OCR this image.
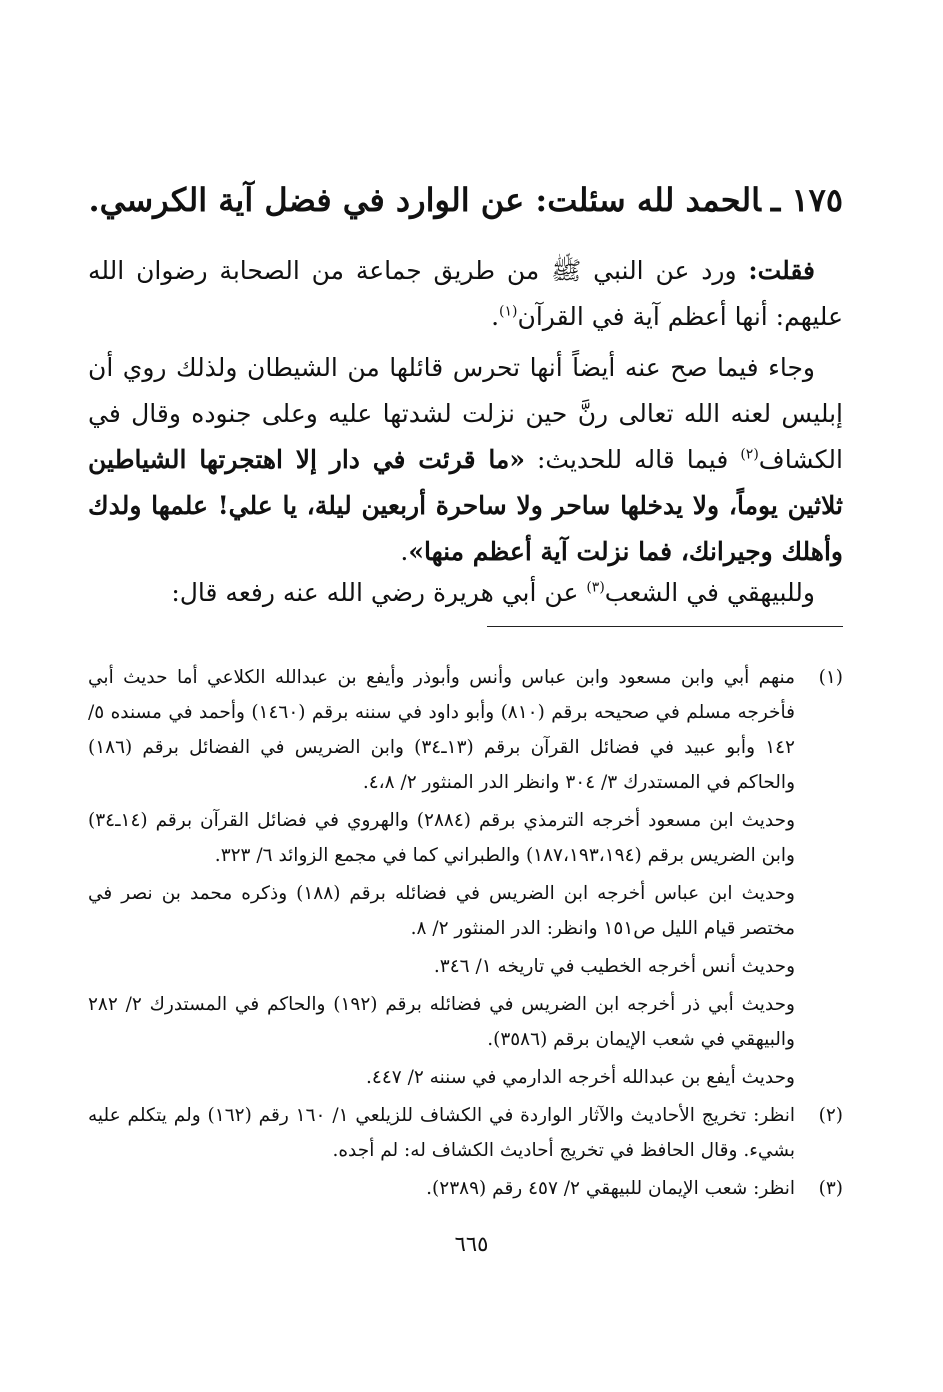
١٧٥ ـالحمد لله سئلت: عن الوارد في فضل آية الكرسي.

فقلت: ورد عن النبي ﷺ من طريق جماعة من الصحابة رضوان الله عليهم: أنها أعظم آية في القرآن$^{(١)}$.

وجاء فيما صح عنه أيضاً أنها تحرس قائلها من الشيطان ولذلك روي أن إبليس لعنه الله تعالى رنَّ حين نزلت لشدتها عليه وعلى جنوده وقال في الكشاف$^{(٢)}$ فيما قاله للحديث: «ما قرئت في دار إلا اهتجرتها الشياطين ثلاثين يوماً، ولا يدخلها ساحر ولا ساحرة أربعين ليلة، يا علي! علمها ولدك وأهلك وجيرانك، فما نزلت آية أعظم منها».

وللبيهقي في الشعب$^{(٣)}$ عن أبي هريرة رضي الله عنه رفعه قال:

(١)

منهم أبي وابن مسعود وابن عباس وأنس وأبوذر وأيفع بن عبدالله الكلاعي أما حديث أبي فأخرجه مسلم في صحيحه برقم (٨١٠) وأبو داود في سننه برقم (١٤٦٠) وأحمد في مسنده ٥/ ١٤٢ وأبو عبيد في فضائل القرآن برقم (١٣ـ٣٤) وابن الضريس في الفضائل برقم (١٨٦) والحاكم في المستدرك ٣/ ٣٠٤ وانظر الدر المنثور ٢/ ٤،٨.

وحديث ابن مسعود أخرجه الترمذي برقم (٢٨٨٤) والهروي في فضائل القرآن برقم (١٤ـ٣٤) وابن الضريس برقم (١٨٧،١٩٣،١٩٤) والطبراني كما في مجمع الزوائد ٦/ ٣٢٣.

وحديث ابن عباس أخرجه ابن الضريس في فضائله برقم (١٨٨) وذكره محمد بن نصر في مختصر قيام الليل ص١٥١ وانظر: الدر المنثور ٢/ ٨.

وحديث أنس أخرجه الخطيب في تاريخه ١/ ٣٤٦.

وحديث أبي ذر أخرجه ابن الضريس في فضائله برقم (١٩٢) والحاكم في المستدرك ٢/ ٢٨٢ والبيهقي في شعب الإيمان برقم (٣٥٨٦).

وحديث أيفع بن عبدالله أخرجه الدارمي في سننه ٢/ ٤٤٧.

(٢)

انظر: تخريج الأحاديث والآثار الواردة في الكشاف للزيلعي ١/ ١٦٠ رقم (١٦٢) ولم يتكلم عليه بشيء. وقال الحافظ في تخريج أحاديث الكشاف له: لم أجده.

(٣)

انظر: شعب الإيمان للبيهقي ٢/ ٤٥٧ رقم (٢٣٨٩).

٦٦٥
